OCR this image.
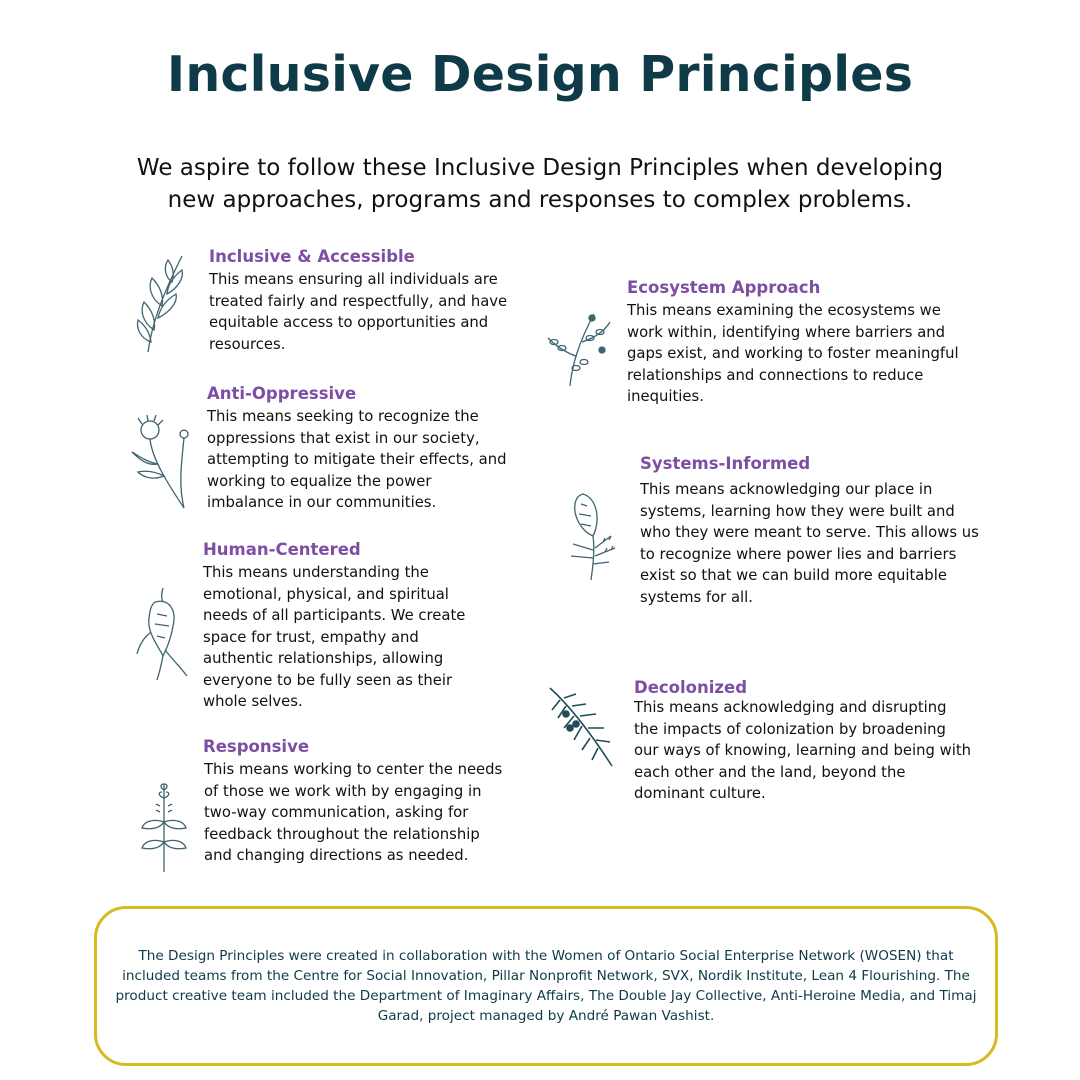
Inclusive Design Principles

We aspire to follow these Inclusive Design Principles when developing new approaches, programs and responses to complex problems.

Inclusive & Accessible
This means ensuring all individuals are treated fairly and respectfully, and have equitable access to opportunities and resources.
Anti-Oppressive
This means seeking to recognize the oppressions that exist in our society, attempting to mitigate their effects, and working to equalize the power imbalance in our communities.
Human-Centered
This means understanding the emotional, physical, and spiritual needs of all participants. We create space for trust, empathy and authentic relationships, allowing everyone to be fully seen as their whole selves.
Responsive
This means working to center the needs of those we work with by engaging in two-way communication, asking for feedback throughout the relationship and changing directions as needed.
Ecosystem Approach
This means examining the ecosystems we work within, identifying where barriers and gaps exist, and working to foster meaningful relationships and connections to reduce inequities.
Systems-Informed
This means acknowledging our place in systems, learning how they were built and who they were meant to serve. This allows us to recognize where power lies and barriers exist so that we can build more equitable systems for all.
Decolonized
This means acknowledging and disrupting the impacts of colonization by broadening our ways of knowing, learning and being with each other and the land, beyond the dominant culture.

The Design Principles were created in collaboration with the Women of Ontario Social Enterprise Network (WOSEN) that included teams from the Centre for Social Innovation, Pillar Nonprofit Network, SVX, Nordik Institute, Lean 4 Flourishing. The product creative team included the Department of Imaginary Affairs, The Double Jay Collective, Anti-Heroine Media, and Timaj Garad, project managed by André Pawan Vashist.
